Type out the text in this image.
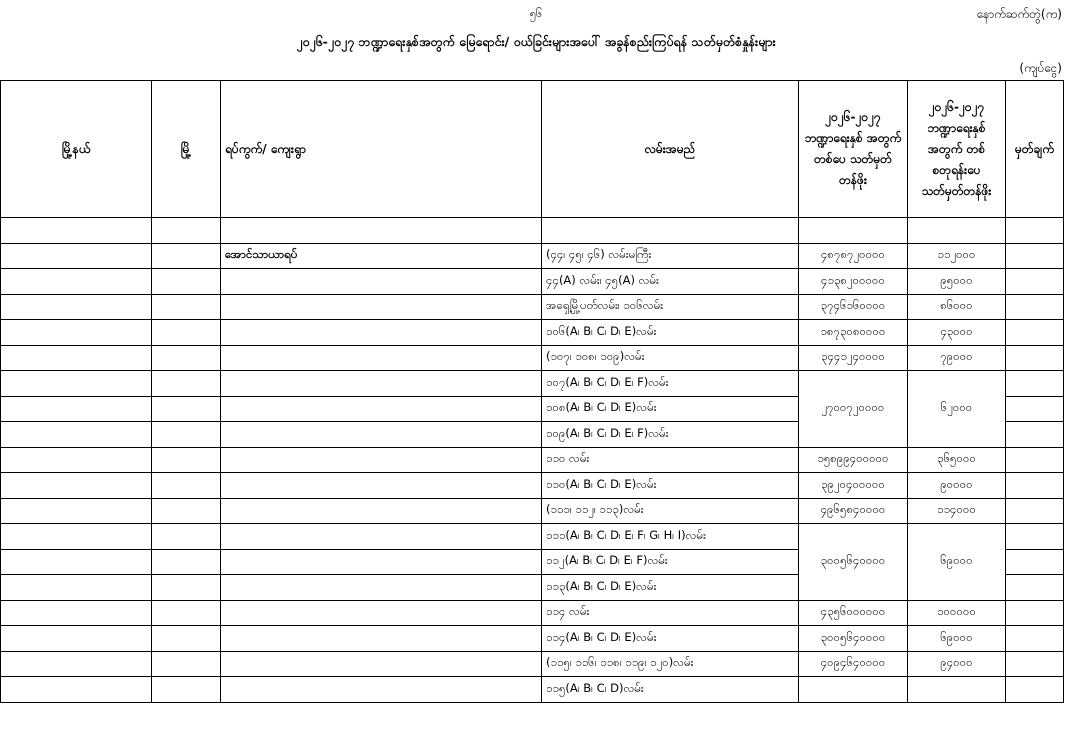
၅၆	နောက်ဆက်တွဲ(က)
၂၀၂၆-၂၀၂၇ ဘဏ္ဍာရေးနှစ်အတွက် မြေရောင်း/ ဝယ်ခြင်းများအပေါ် အခွန်စည်းကြပ်ရန် သတ်မှတ်စံနှုန်းများ
(ကျပ်ငွေ)
မြို့နယ်	မြို့	ရပ်ကွက်/ ကျေးရွာ	လမ်းအမည်	၂၀၂၆-၂၀၂၇ ဘဏ္ဍာရေးနှစ် အတွက် တစ်ပေ သတ်မှတ်တန်ဖိုး	၂၀၂၆-၂၀၂၇ ဘဏ္ဍာရေးနှစ် အတွက် တစ်စတုရန်းပေ သတ်မှတ်တန်ဖိုး	မှတ်ချက်

		အောင်သာယာရပ်	(၄၄၊ ၄၅၊ ၄၆) လမ်းမကြီး	၄၈၇၈၇၂၀၀၀၀	၁၁၂၀၀၀	
			၄၄(A) လမ်း၊ ၄၅(A) လမ်း	၄၁၃၈၂၀၀၀၀၀	၉၅၀၀၀	
			အရှေ့မြို့ပတ်လမ်း၊ ၁၀၆လမ်း	၃၇၄၆၁၆၀၀၀၀	၈၆၀၀၀	
			၁၀၆(A၊ B၊ C၊ D၊ E)လမ်း	၁၈၇၃၀၈၀၀၀၀	၄၃၀၀၀	
			(၁၀၇၊ ၁၀၈၊ ၁၀၉)လမ်း	၃၄၄၁၂၄၀၀၀၀	၇၉၀၀၀	
			၁၀၇(A၊ B၊ C၊ D၊ E၊ F)လမ်း	၂၇၀၀၇၂၀၀၀၀	၆၂၀၀၀	
			၁၀၈(A၊ B၊ C၊ D၊ E)လမ်း			
			၁၀၉(A၊ B၊ C၊ D၊ E၊ F)လမ်း			
			၁၁၀ လမ်း	၁၅၈၉၉၄၀၀၀၀၀	၃၆၅၀၀၀	
			၁၁၀(A၊ B၊ C၊ D၊ E)လမ်း	၃၉၂၀၄၀၀၀၀၀	၉၀၀၀၀	
			(၁၁၁၊ ၁၁၂၊ ၁၁၃)လမ်း	၄၉၆၅၈၄၀၀၀၀	၁၁၄၀၀၀	
			၁၁၁(A၊ B၊ C၊ D၊ E၊ F၊ G၊ H၊ I)လမ်း	၃၀၀၅၆၄၀၀၀၀	၆၉၀၀၀	
			၁၁၂(A၊ B၊ C၊ D၊ E၊ F)လမ်း			
			၁၁၃(A၊ B၊ C၊ D၊ E)လမ်း			
			၁၁၄ လမ်း	၄၃၅၆၀၀၀၀၀၀	၁၀၀၀၀၀	
			၁၁၄(A၊ B၊ C၊ D၊ E)လမ်း	၃၀၀၅၆၄၀၀၀၀	၆၉၀၀၀	
			(၁၁၅၊ ၁၁၆၊ ၁၁၈၊ ၁၁၉၊ ၁၂၀)လမ်း	၄၀၉၄၆၄၀၀၀၀	၉၄၀၀၀	
			၁၁၅(A၊ B၊ C၊ D)လမ်း			
